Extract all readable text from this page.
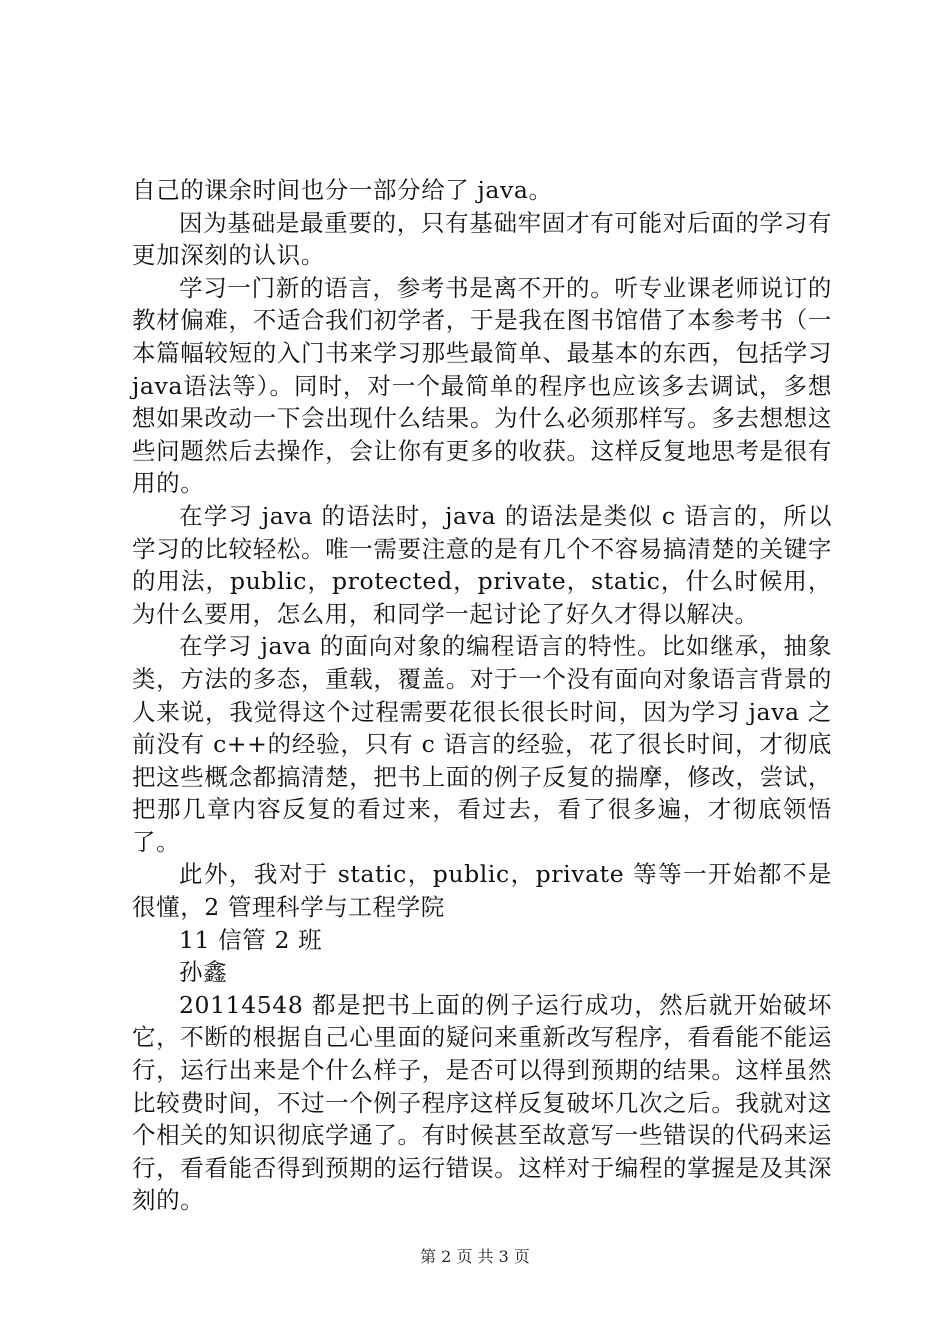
自己的课余时间也分一部分给了 java。

因为基础是最重要的，只有基础牢固才有可能对后面的学习有更加深刻的认识。

学习一门新的语言，参考书是离不开的。听专业课老师说订的教材偏难，不适合我们初学者，于是我在图书馆借了本参考书（一本篇幅较短的入门书来学习那些最简单、最基本的东西，包括学习 java语法等）。同时，对一个最简单的程序也应该多去调试，多想想如果改动一下会出现什么结果。为什么必须那样写。多去想想这些问题然后去操作，会让你有更多的收获。这样反复地思考是很有用的。

在学习 java 的语法时，java 的语法是类似 c 语言的，所以学习的比较轻松。唯一需要注意的是有几个不容易搞清楚的关键字的用法，public，protected，private，static，什么时候用，为什么要用，怎么用，和同学一起讨论了好久才得以解决。

在学习 java 的面向对象的编程语言的特性。比如继承，抽象类，方法的多态，重载，覆盖。对于一个没有面向对象语言背景的人来说，我觉得这个过程需要花很长很长时间，因为学习 java 之前没有 c++的经验，只有 c 语言的经验，花了很长时间，才彻底把这些概念都搞清楚，把书上面的例子反复的揣摩，修改，尝试，把那几章内容反复的看过来，看过去，看了很多遍，才彻底领悟了。

此外，我对于 static，public，private 等等一开始都不是很懂，2 管理科学与工程学院

11 信管 2 班

孙鑫

20114548 都是把书上面的例子运行成功，然后就开始破坏它，不断的根据自己心里面的疑问来重新改写程序，看看能不能运行，运行出来是个什么样子，是否可以得到预期的结果。这样虽然比较费时间，不过一个例子程序这样反复破坏几次之后。我就对这个相关的知识彻底学通了。有时候甚至故意写一些错误的代码来运行，看看能否得到预期的运行错误。这样对于编程的掌握是及其深刻的。

第 2 页 共 3 页
